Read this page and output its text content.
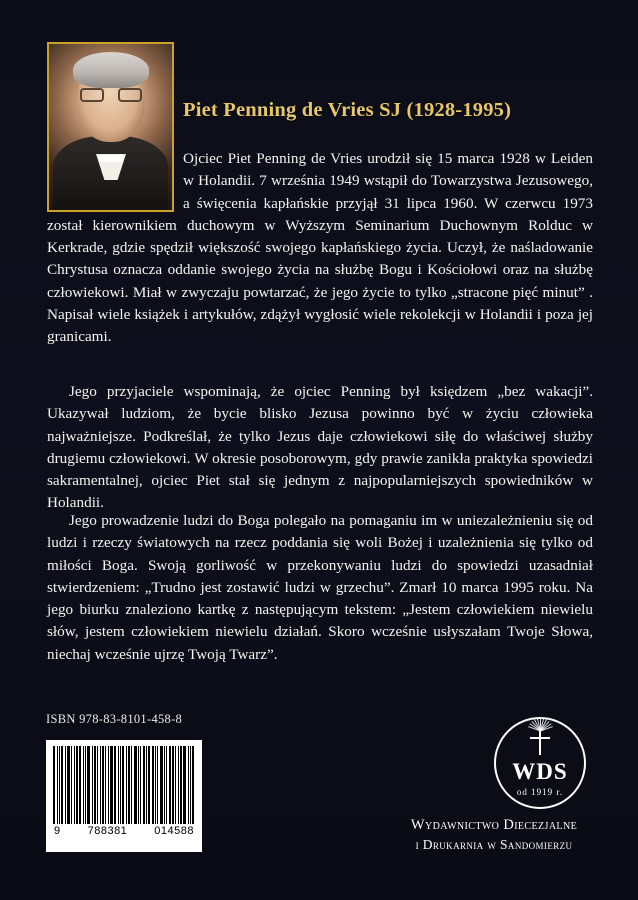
Piet Penning de Vries SJ (1928-1995)

Ojciec Piet Penning de Vries urodził się 15 marca 1928 w Leiden w Holandii. 7 września 1949 wstąpił do Towarzystwa Jezusowego, a święcenia kapłańskie przyjął 31 lipca 1960. W czerwcu 1973 został kierownikiem duchowym w Wyższym Seminarium Duchownym Rolduc w Kerkrade, gdzie spędził większość swojego kapłańskiego życia. Uczył, że naśladowanie Chrystusa oznacza oddanie swojego życia na służbę Bogu i Kościołowi oraz na służbę człowiekowi. Miał w zwyczaju powtarzać, że jego życie to tylko „stracone pięć minut” . Napisał wiele książek i artykułów, zdążył wygłosić wiele rekolekcji w Holandii i poza jej granicami.

Jego przyjaciele wspominają, że ojciec Penning był księdzem „bez wakacji”. Ukazywał ludziom, że bycie blisko Jezusa powinno być w życiu człowieka najważniejsze. Podkreślał, że tylko Jezus daje człowiekowi siłę do właściwej służby drugiemu człowiekowi. W okresie posoborowym, gdy prawie zanikła praktyka spowiedzi sakramentalnej, ojciec Piet stał się jednym z najpopularniejszych spowiedników w Holandii.

Jego prowadzenie ludzi do Boga polegało na pomaganiu im w uniezależnieniu się od ludzi i rzeczy światowych na rzecz poddania się woli Bożej i uzależnienia się tylko od miłości Boga. Swoją gorliwość w przekonywaniu ludzi do spowiedzi uzasadniał stwierdzeniem: „Trudno jest zostawić ludzi w grzechu”. Zmarł 10 marca 1995 roku. Na jego biurku znaleziono kartkę z następującym tekstem: „Jestem człowiekiem niewielu słów, jestem człowiekiem niewielu działań. Skoro wcześnie usłyszałam Twoje Słowa, niechaj wcześnie ujrzę Twoją Twarz”.

ISBN 978-83-8101-458-8
9 788381 014588
WDS
od 1919 r.
Wydawnictwo Diecezjalne
i Drukarnia w Sandomierzu
